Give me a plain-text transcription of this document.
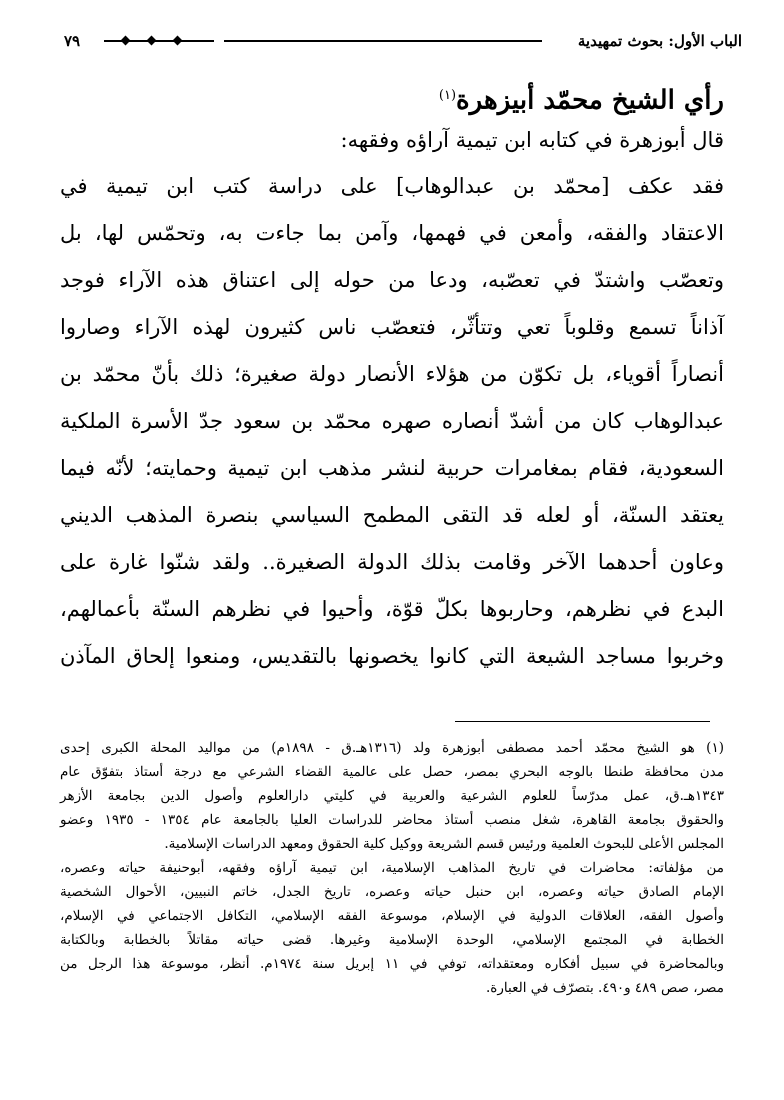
٧٩	الباب الأول: بحوث تمهيدية
رأي الشيخ محمّد أبيزهرة$^{(١)}$
قال أبوزهرة في كتابه ابن تيمية آراؤه وفقهه:
فقد عكف [محمّد بن عبدالوهاب] على دراسة كتب ابن تيمية في
الاعتقاد والفقه، وأمعن في فهمها، وآمن بما جاءت به، وتحمّس لها، بل
وتعصّب واشتدّ في تعصّبه، ودعا من حوله إلى اعتناق هذه الآراء فوجد
آذاناً تسمع وقلوباً تعي وتتأثّر، فتعصّب ناس كثيرون لهذه الآراء وصاروا
أنصاراً أقوياء، بل تكوّن من هؤلاء الأنصار دولة صغيرة؛ ذلك بأنّ محمّد بن
عبدالوهاب كان من أشدّ أنصاره صهره محمّد بن سعود جدّ الأسرة الملكية
السعودية، فقام بمغامرات حربية لنشر مذهب ابن تيمية وحمايته؛ لأنّه فيما
يعتقد السنّة، أو لعله قد التقى المطمح السياسي بنصرة المذهب الديني
وعاون أحدهما الآخر وقامت بذلك الدولة الصغيرة.. ولقد شنّوا غارة على
البدع في نظرهم، وحاربوها بكلّ قوّة، وأحيوا في نظرهم السنّة بأعمالهم،
وخربوا مساجد الشيعة التي كانوا يخصونها بالتقديس، ومنعوا إلحاق المآذن
(١) هو الشيخ محمّد أحمد مصطفى أبوزهرة ولد (١٣١٦هـ.ق - ١٨٩٨م) من مواليد المحلة الكبرى إحدى
مدن محافظة طنطا بالوجه البحري بمصر، حصل على عالمية القضاء الشرعي مع درجة أستاذ بتفوّق عام
١٣٤٣هـ.ق، عمل مدرّساً للعلوم الشرعية والعربية في كليتي دارالعلوم وأصول الدين بجامعة الأزهر
والحقوق بجامعة القاهرة، شغل منصب أستاذ محاضر للدراسات العليا بالجامعة عام ١٣٥٤ - ١٩٣٥ وعضو
المجلس الأعلى للبحوث العلمية ورئيس قسم الشريعة ووكيل كلية الحقوق ومعهد الدراسات الإسلامية.
من مؤلفاته: محاضرات في تاريخ المذاهب الإسلامية، ابن تيمية آراؤه وفقهه، أبوحنيفة حياته وعصره،
الإمام الصادق حياته وعصره، ابن حنبل حياته وعصره، تاريخ الجدل، خاتم النبيين، الأحوال الشخصية
وأصول الفقه، العلاقات الدولية في الإسلام، موسوعة الفقه الإسلامي، التكافل الاجتماعي في الإسلام،
الخطابة في المجتمع الإسلامي، الوحدة الإسلامية وغيرها. قضى حياته مقاتلاً بالخطابة وبالكتابة
وبالمحاضرة في سبيل أفكاره ومعتقداته، توفي في ١١ إبريل سنة ١٩٧٤م. أنظر، موسوعة هذا الرجل من
مصر، صص ٤٨٩ و٤٩٠. بتصرّف في العبارة.
